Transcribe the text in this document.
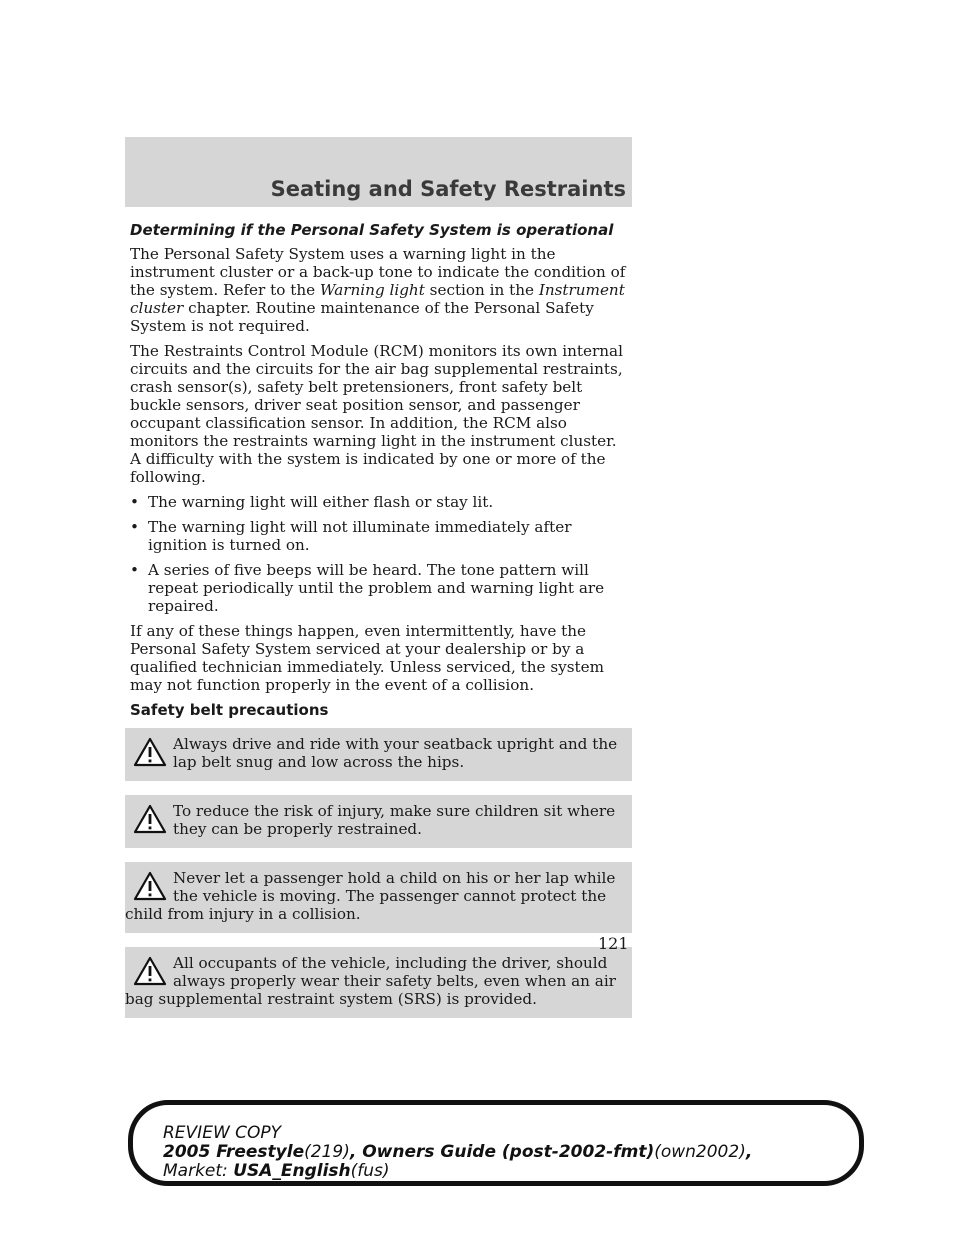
Seating and Safety Restraints
Determining if the Personal Safety System is operational

The Personal Safety System uses a warning light in the instrument cluster or a back-up tone to indicate the condition of the system. Refer to the Warning light section in the Instrument cluster chapter. Routine maintenance of the Personal Safety System is not required.

The Restraints Control Module (RCM) monitors its own internal circuits and the circuits for the air bag supplemental restraints, crash sensor(s), safety belt pretensioners, front safety belt buckle sensors, driver seat position sensor, and passenger occupant classification sensor. In addition, the RCM also monitors the restraints warning light in the instrument cluster. A difficulty with the system is indicated by one or more of the following.

• The warning light will either flash or stay lit.
• The warning light will not illuminate immediately after ignition is turned on.
• A series of five beeps will be heard. The tone pattern will repeat periodically until the problem and warning light are repaired.

If any of these things happen, even intermittently, have the Personal Safety System serviced at your dealership or by a qualified technician immediately. Unless serviced, the system may not function properly in the event of a collision.

Safety belt precautions
Always drive and ride with your seatback upright and the lap belt snug and low across the hips.
To reduce the risk of injury, make sure children sit where they can be properly restrained.
Never let a passenger hold a child on his or her lap while the vehicle is moving. The passenger cannot protect the child from injury in a collision.
All occupants of the vehicle, including the driver, should always properly wear their safety belts, even when an air bag supplemental restraint system (SRS) is provided.
121
REVIEW COPY
2005 Freestyle(219), Owners Guide (post-2002-fmt)(own2002),
Market: USA_English(fus)
